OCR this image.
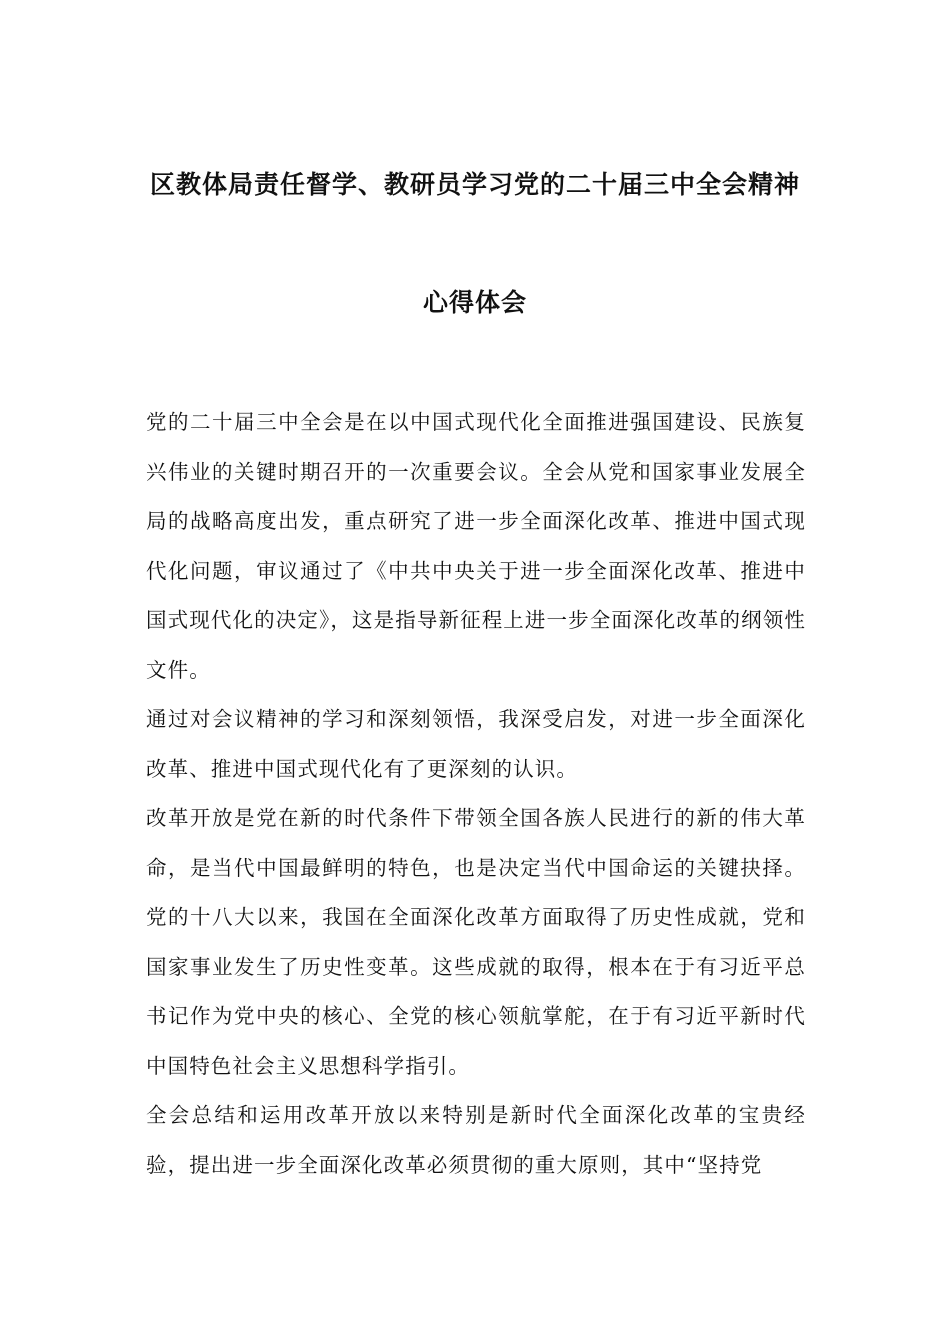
区教体局责任督学、教研员学习党的二十届三中全会精神
心得体会

党的二十届三中全会是在以中国式现代化全面推进强国建设、民族复兴伟业的关键时期召开的一次重要会议。全会从党和国家事业发展全局的战略高度出发，重点研究了进一步全面深化改革、推进中国式现代化问题，审议通过了《中共中央关于进一步全面深化改革、推进中国式现代化的决定》，这是指导新征程上进一步全面深化改革的纲领性文件。

通过对会议精神的学习和深刻领悟，我深受启发，对进一步全面深化改革、推进中国式现代化有了更深刻的认识。

改革开放是党在新的时代条件下带领全国各族人民进行的新的伟大革命，是当代中国最鲜明的特色，也是决定当代中国命运的关键抉择。党的十八大以来，我国在全面深化改革方面取得了历史性成就，党和国家事业发生了历史性变革。这些成就的取得，根本在于有习近平总书记作为党中央的核心、全党的核心领航掌舵，在于有习近平新时代中国特色社会主义思想科学指引。

全会总结和运用改革开放以来特别是新时代全面深化改革的宝贵经验，提出进一步全面深化改革必须贯彻的重大原则，其中“坚持党
